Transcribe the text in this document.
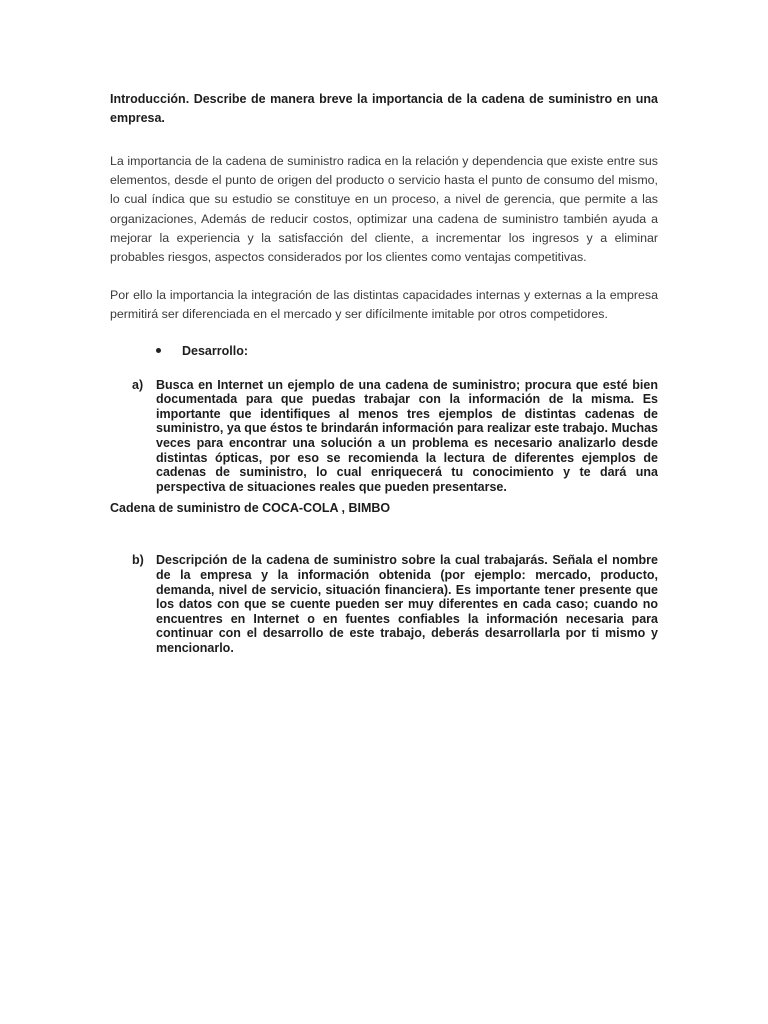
Introducción. Describe de manera breve la importancia de la cadena de suministro en una empresa.

La importancia de la cadena de suministro radica en la relación y dependencia que existe entre sus elementos, desde el punto de origen del producto o servicio hasta el punto de consumo del mismo, lo cual índica que su estudio se constituye en un proceso, a nivel de gerencia, que permite a las organizaciones, Además de reducir costos, optimizar una cadena de suministro también ayuda a mejorar la experiencia y la satisfacción del cliente, a incrementar los ingresos y a eliminar probables riesgos, aspectos considerados por los clientes como ventajas competitivas.

Por ello la importancia la integración de las distintas capacidades internas y externas a la empresa permitirá ser diferenciada en el mercado y ser difícilmente imitable por otros competidores.

Desarrollo:
a)	Busca en Internet un ejemplo de una cadena de suministro; procura que esté bien documentada para que puedas trabajar con la información de la misma. Es importante que identifiques al menos tres ejemplos de distintas cadenas de suministro, ya que éstos te brindarán información para realizar este trabajo. Muchas veces para encontrar una solución a un problema es necesario analizarlo desde distintas ópticas, por eso se recomienda la lectura de diferentes ejemplos de cadenas de suministro, lo cual enriquecerá tu conocimiento y te dará una perspectiva de situaciones reales que pueden presentarse.

Cadena de suministro de COCA-COLA , BIMBO

b) Descripción de la cadena de suministro sobre la cual trabajarás. Señala el nombre de la empresa y la información obtenida (por ejemplo: mercado, producto, demanda, nivel de servicio, situación financiera). Es importante tener presente que los datos con que se cuente pueden ser muy diferentes en cada caso; cuando no encuentres en Internet o en fuentes confiables la información necesaria para continuar con el desarrollo de este trabajo, deberás desarrollarla por ti mismo y mencionarlo.
